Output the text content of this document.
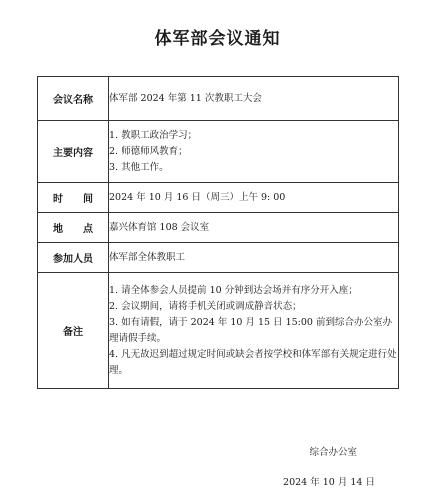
体军部会议通知
会议名称	体军部 2024 年第 11 次教职工大会

主要内容	1. 教职工政治学习；
2. 师德师风教育；
3. 其他工作。

时　　间	2024 年 10 月 16 日（周三）上午 9: 00

地　　点	嘉兴体育馆 108 会议室

参加人员	体军部全体教职工

备注	1. 请全体参会人员提前 10 分钟到达会场并有序分开入座；
2. 会议期间，请将手机关闭或调成静音状态；
3. 如有请假，请于 2024 年 10 月 15 日 15:00 前到综合办公室办理请假手续。
4. 凡无故迟到超过规定时间或缺会者按学校和体军部有关规定进行处理。
综合办公室
2024 年 10 月 14 日
